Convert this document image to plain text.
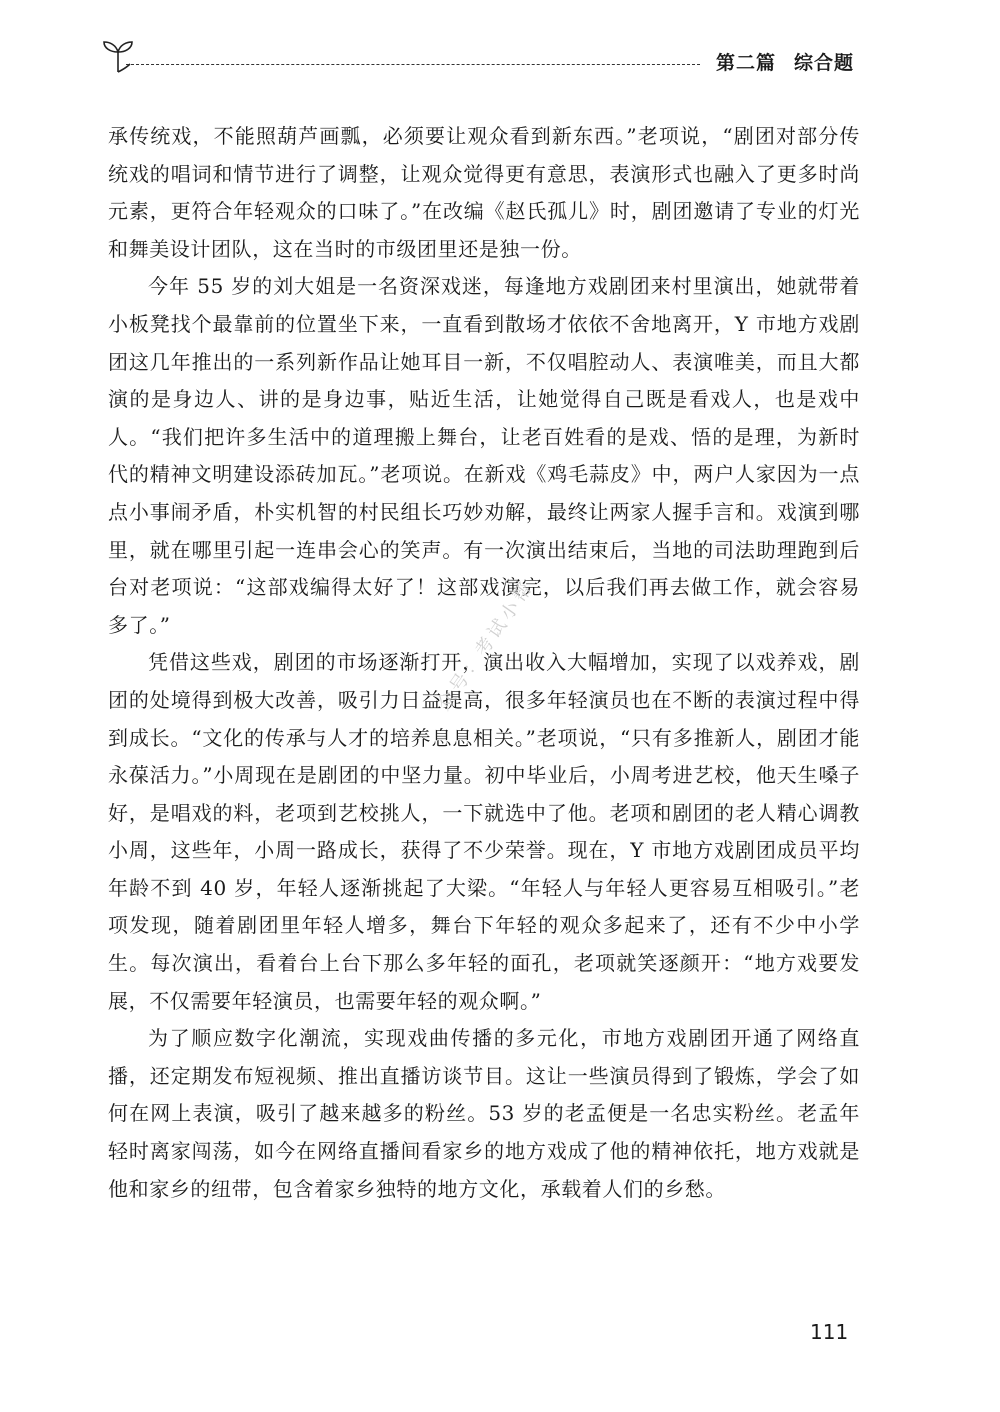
第二篇 综合题

承传统戏，不能照葫芦画瓢，必须要让观众看到新东西。”老项说，“剧团对部分传统戏的唱词和情节进行了调整，让观众觉得更有意思，表演形式也融入了更多时尚元素，更符合年轻观众的口味了。”在改编《赵氏孤儿》时，剧团邀请了专业的灯光和舞美设计团队，这在当时的市级团里还是独一份。

今年 55 岁的刘大姐是一名资深戏迷，每逢地方戏剧团来村里演出，她就带着小板凳找个最靠前的位置坐下来，一直看到散场才依依不舍地离开，Y 市地方戏剧团这几年推出的一系列新作品让她耳目一新，不仅唱腔动人、表演唯美，而且大都演的是身边人、讲的是身边事，贴近生活，让她觉得自己既是看戏人，也是戏中人。“我们把许多生活中的道理搬上舞台，让老百姓看的是戏、悟的是理，为新时代的精神文明建设添砖加瓦。”老项说。在新戏《鸡毛蒜皮》中，两户人家因为一点点小事闹矛盾，朴实机智的村民组长巧妙劝解，最终让两家人握手言和。戏演到哪里，就在哪里引起一连串会心的笑声。有一次演出结束后，当地的司法助理跑到后台对老项说：“这部戏编得太好了！这部戏演完，以后我们再去做工作，就会容易多了。”

凭借这些戏，剧团的市场逐渐打开，演出收入大幅增加，实现了以戏养戏，剧团的处境得到极大改善，吸引力日益提高，很多年轻演员也在不断的表演过程中得到成长。“文化的传承与人才的培养息息相关。”老项说，“只有多推新人，剧团才能永葆活力。”小周现在是剧团的中坚力量。初中毕业后，小周考进艺校，他天生嗓子好，是唱戏的料，老项到艺校挑人，一下就选中了他。老项和剧团的老人精心调教小周，这些年，小周一路成长，获得了不少荣誉。现在，Y 市地方戏剧团成员平均年龄不到 40 岁，年轻人逐渐挑起了大梁。“年轻人与年轻人更容易互相吸引。”老项发现，随着剧团里年轻人增多，舞台下年轻的观众多起来了，还有不少中小学生。每次演出，看着台上台下那么多年轻的面孔，老项就笑逐颜开：“地方戏要发展，不仅需要年轻演员，也需要年轻的观众啊。”

为了顺应数字化潮流，实现戏曲传播的多元化，市地方戏剧团开通了网络直播，还定期发布短视频、推出直播访谈节目。这让一些演员得到了锻炼，学会了如何在网上表演，吸引了越来越多的粉丝。53 岁的老孟便是一名忠实粉丝。老孟年轻时离家闯荡，如今在网络直播间看家乡的地方戏成了他的精神依托，地方戏就是他和家乡的纽带，包含着家乡独特的地方文化，承载着人们的乡愁。

众号：考试小帮
111
